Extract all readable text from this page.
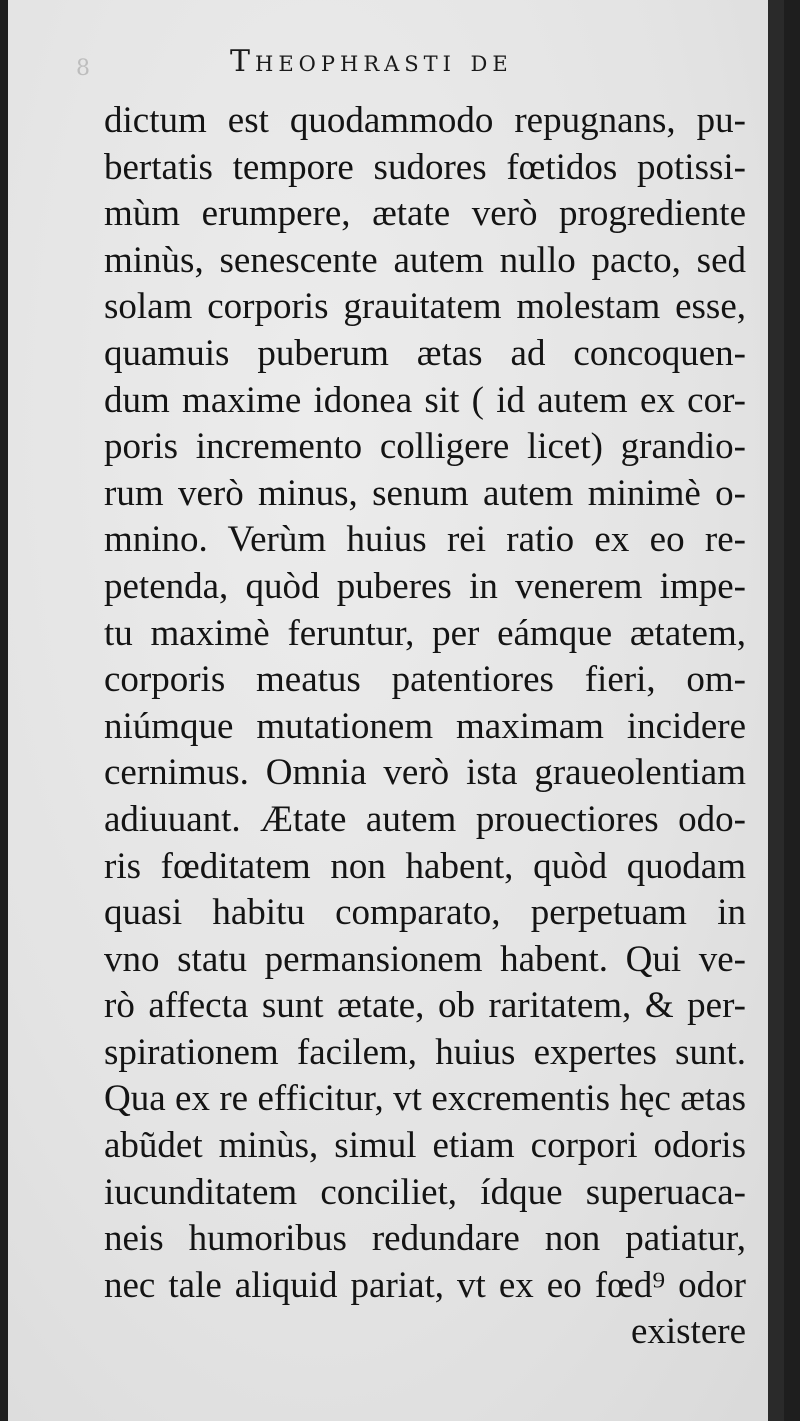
8	Theophrasti de
dictum est quodammodo repugnans, pu-
bertatis tempore sudores fœtidos potissi-
mùm erumpere, ætate verò progrediente
minùs, senescente autem nullo pacto, sed
solam corporis grauitatem molestam esse,
quamuis puberum ætas ad concoquen-
dum maxime idonea sit ( id autem ex cor-
poris incremento colligere licet) grandio-
rum verò minus, senum autem minimè o-
mnino. Verùm huius rei ratio ex eo re-
petenda, quòd puberes in venerem impe-
tu maximè feruntur, per eámque ætatem,
corporis meatus patentiores fieri, om-
niúmque mutationem maximam incidere
cernimus. Omnia verò ista graueolentiam
adiuuant. Ætate autem prouectiores odo-
ris fœditatem non habent, quòd quodam
quasi habitu comparato, perpetuam in
vno statu permansionem habent. Qui ve-
rò affecta sunt ætate, ob raritatem, & per-
spirationem facilem, huius expertes sunt.
Qua ex re efficitur, vt excrementis hęc ætas
abũdet minùs, simul etiam corpori odoris
iucunditatem conciliet, ídque superuaca-
neis humoribus redundare non patiatur,
nec tale aliquid pariat, vt ex eo fœd⁹ odor
existere
